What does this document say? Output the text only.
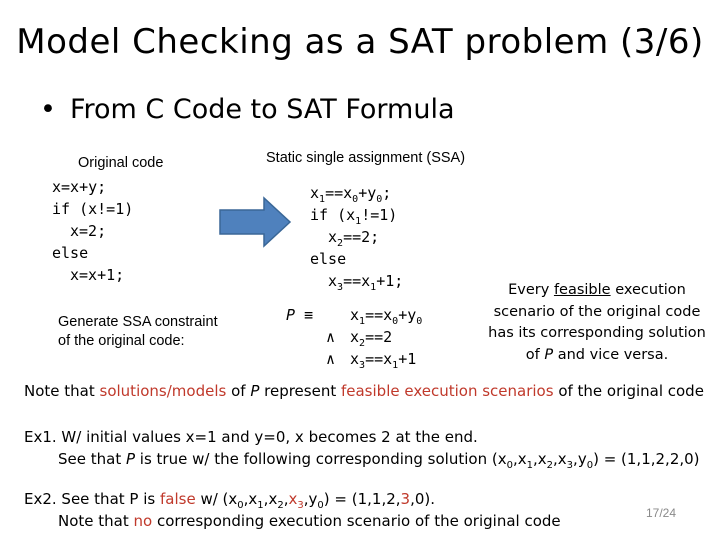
Model Checking as a SAT problem (3/6)
• From C Code to SAT Formula
Original code
x=x+y;
if (x!=1)
x=2;
else
x=x+1;
Static single assignment (SSA)
$x_1==x_0+y_0$;
if $(x_1!=1)$
$x_2==2$;
else
$x_3==x_1+1$;
Generate SSA constraint
of the original code:
$P \equiv x_1==x_0+y_0$
∧ $x_2==2$
∧ $x_3==x_1+1$
Every feasible execution scenario of the original code has its corresponding solution of P and vice versa.
Note that solutions/models of P represent feasible execution scenarios of the original code
Ex1. W/ initial values x=1 and y=0, x becomes 2 at the end.
See that P is true w/ the following corresponding solution $(x_0,x_1,x_2,x_3,y_0) = (1,1,2,2,0)$
Ex2. See that P is false w/ $(x_0,x_1,x_2,x_3,y_0) = (1,1,2,3,0)$.
Note that no corresponding execution scenario of the original code	17/24
